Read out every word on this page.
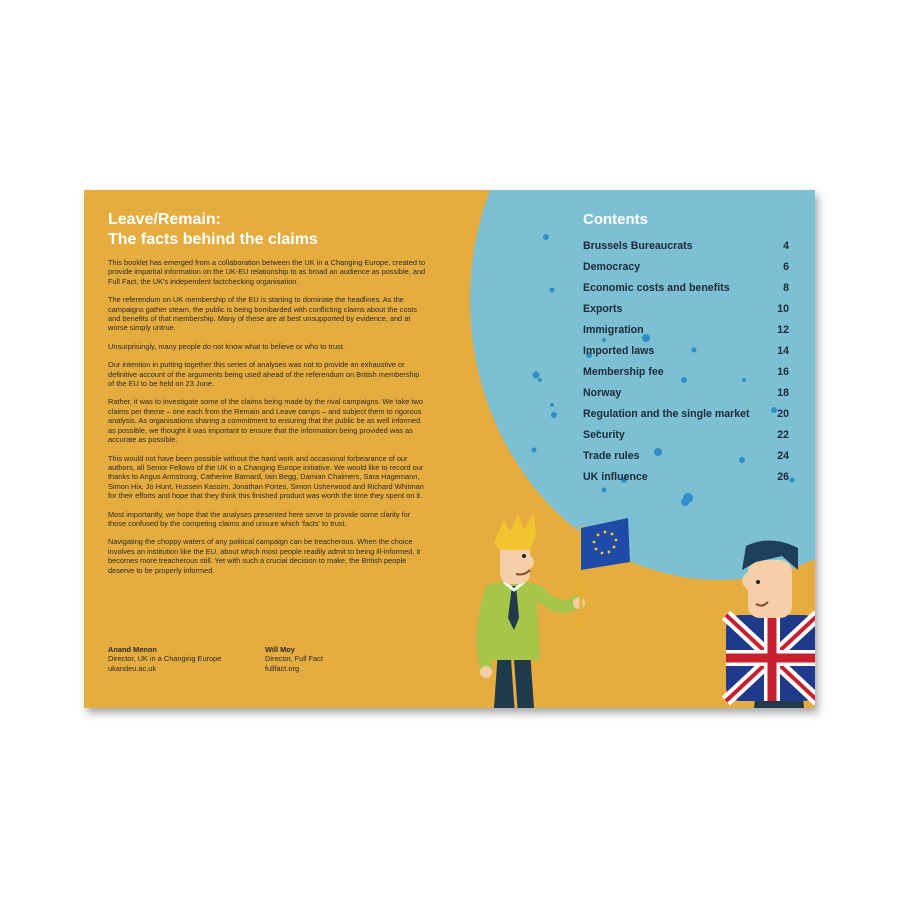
Leave/Remain:
The facts behind the claims

This booklet has emerged from a collaboration between the UK in a Changing Europe, created to provide impartial information on the UK-EU relationship to as broad an audience as possible, and Full Fact, the UK's independent factchecking organisation.

The referendum on UK membership of the EU is starting to dominate the headlines. As the campaigns gather steam, the public is being bombarded with conflicting claims about the costs and benefits of that membership. Many of these are at best unsupported by evidence, and at worse simply untrue.

Unsurprisingly, many people do not know what to believe or who to trust.

Our intention in putting together this series of analyses was not to provide an exhaustive or definitive account of the arguments being used ahead of the referendum on British membership of the EU to be held on 23 June.

Rather, it was to investigate some of the claims being made by the rival campaigns. We take two claims per theme – one each from the Remain and Leave camps – and subject them to rigorous analysis. As organisations sharing a commitment to ensuring that the public be as well informed as possible, we thought it was important to ensure that the information being provided was as accurate as possible.

This would not have been possible without the hard work and occasional forbearance of our authors, all Senior Fellows of the UK in a Changing Europe initiative. We would like to record our thanks to Angus Armstrong, Catherine Barnard, Iain Begg, Damian Chalmers, Sara Hagemann, Simon Hix, Jo Hunt, Hussein Kassim, Jonathan Portes, Simon Usherwood and Richard Whitman for their efforts and hope that they think this finished product was worth the time they spent on it.

Most importantly, we hope that the analyses presented here serve to provide some clarity for those confused by the competing claims and unsure which 'facts' to trust.

Navigating the choppy waters of any political campaign can be treacherous. When the choice involves an institution like the EU, about which most people readily admit to being ill-informed, it becomes more treacherous still. Yet with such a crucial decision to make, the British people deserve to be properly informed.

Anand Menon
Director, UK in a Changing Europe
ukandeu.ac.uk
Will Moy
Director, Full Fact
fullfact.org
Contents
Brussels Bureaucrats	4
Democracy	6
Economic costs and benefits	8
Exports	10
Immigration	12
Imported laws	14
Membership fee	16
Norway	18
Regulation and the single market	20
Security	22
Trade rules	24
UK influence	26
